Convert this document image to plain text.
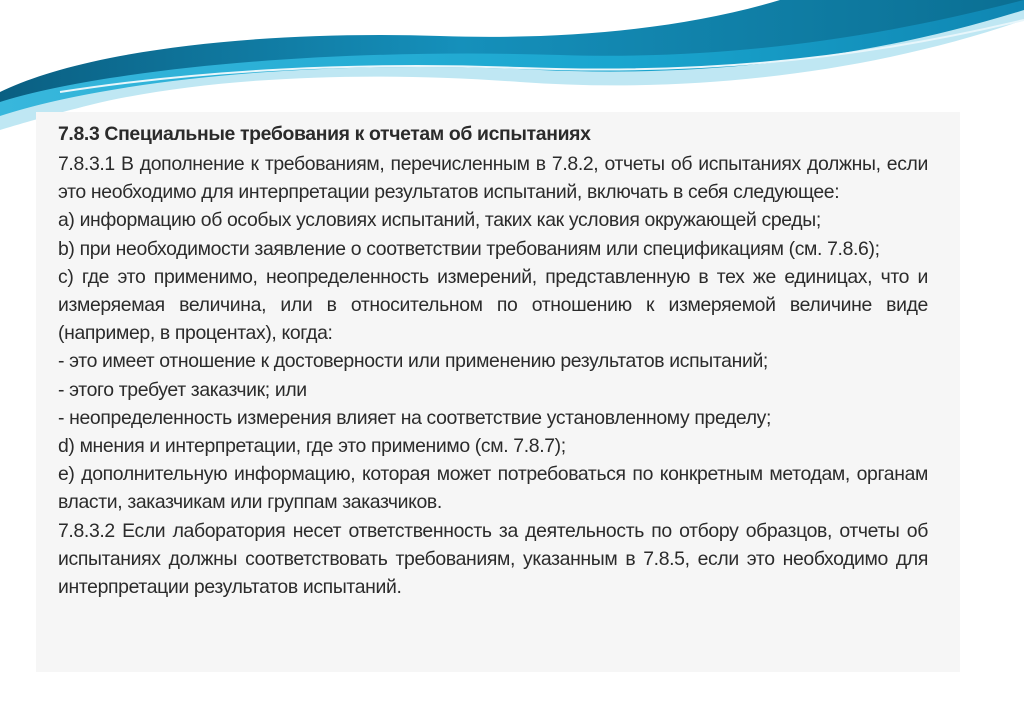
7.8.3 Специальные требования к отчетам об испытаниях

7.8.3.1 В дополнение к требованиям, перечисленным в 7.8.2, отчеты об испытаниях должны, если это необходимо для интерпретации результатов испытаний, включать в себя следующее:

a) информацию об особых условиях испытаний, таких как условия окружающей среды;

b) при необходимости заявление о соответствии требованиям или спецификациям (см. 7.8.6);

c) где это применимо, неопределенность измерений, представленную в тех же единицах, что и измеряемая величина, или в относительном по отношению к измеряемой величине виде (например, в процентах), когда:

- это имеет отношение к достоверности или применению результатов испытаний;

- этого требует заказчик; или

- неопределенность измерения влияет на соответствие установленному пределу;

d) мнения и интерпретации, где это применимо (см. 7.8.7);

e) дополнительную информацию, которая может потребоваться по конкретным методам, органам власти, заказчикам или группам заказчиков.

7.8.3.2 Если лаборатория несет ответственность за деятельность по отбору образцов, отчеты об испытаниях должны соответствовать требованиям, указанным в 7.8.5, если это необходимо для интерпретации результатов испытаний.
